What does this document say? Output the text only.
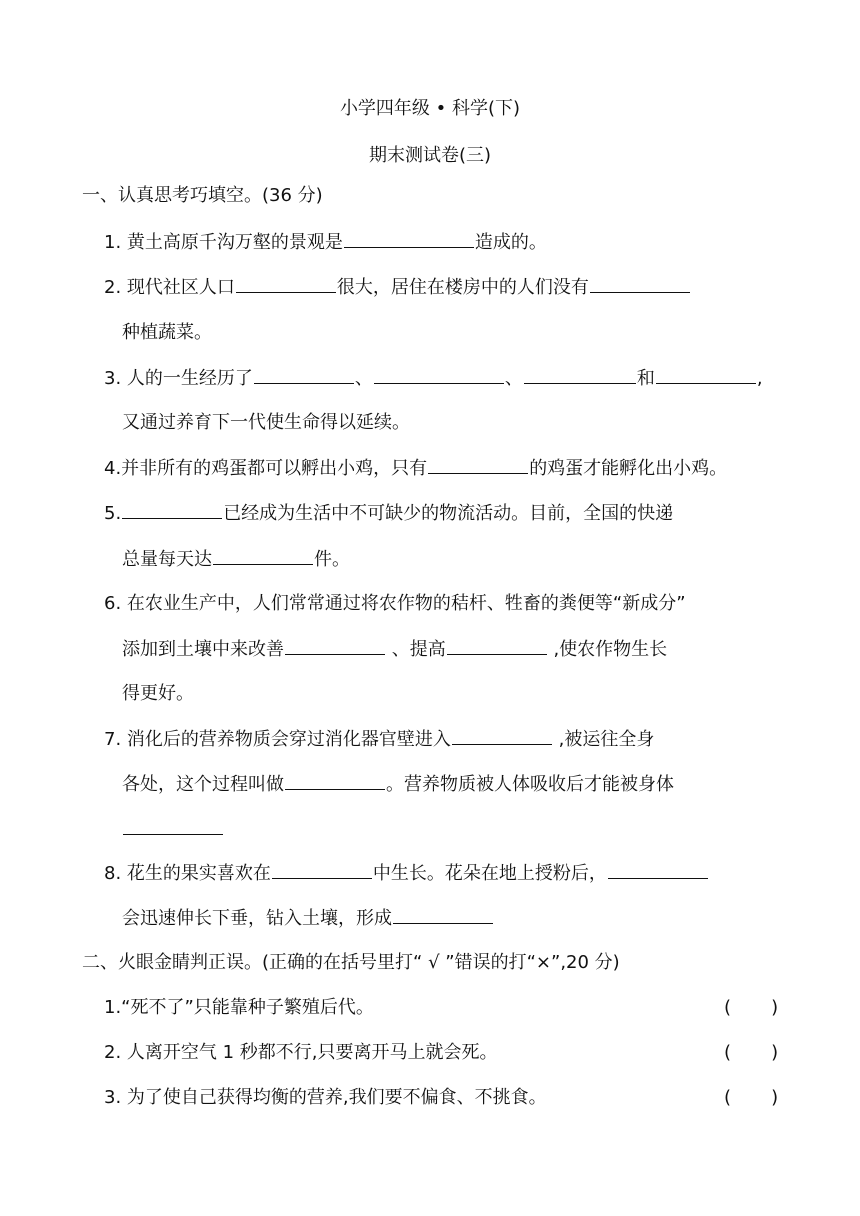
小学四年级 • 科学(下)
期末测试卷(三)
一、认真思考巧填空。(36 分)
1. 黄土高原千沟万壑的景观是	造成的。
2. 现代社区人口	很大，居住在楼房中的人们没有
种植蔬菜。
3. 人的一生经历了	、	、	和	,
又通过养育下一代使生命得以延续。
4.并非所有的鸡蛋都可以孵出小鸡，只有	的鸡蛋才能孵化出小鸡。
5.	已经成为生活中不可缺少的物流活动。目前，全国的快递
总量每天达	件。
6. 在农业生产中，人们常常通过将农作物的秸杆、牲畜的粪便等“新成分”
添加到土壤中来改善	、提高	,使农作物生长
得更好。
7. 消化后的营养物质会穿过消化器官壁进入	,被运往全身
各处，这个过程叫做	。营养物质被人体吸收后才能被身体
8. 花生的果实喜欢在	中生长。花朵在地上授粉后，
会迅速伸长下垂，钻入土壤，形成
二、火眼金睛判正误。(正确的在括号里打“ √ ”错误的打“×”,20 分)
1.“死不了”只能靠种子繁殖后代。	(       )
2. 人离开空气 1 秒都不行,只要离开马上就会死。	(       )
3. 为了使自己获得均衡的营养,我们要不偏食、不挑食。	(       )
